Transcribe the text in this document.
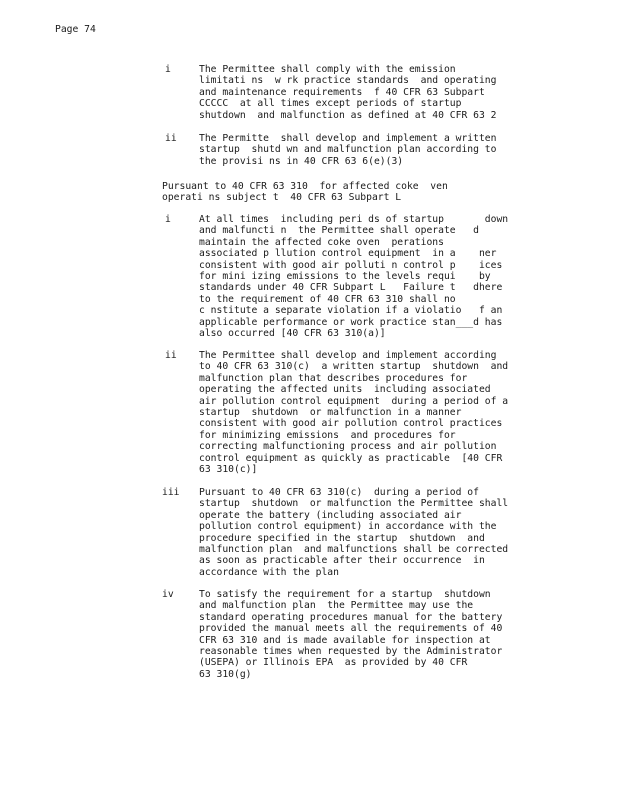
Page 74
i	The Permittee shall comply with the emission
limitati ns  w rk practice standards  and operating
and maintenance requirements  f 40 CFR 63 Subpart
CCCCC  at all times except periods of startup
shutdown  and malfunction as defined at 40 CFR 63 2
ii The Permitte  shall develop and implement a written
startup  shutd wn and malfunction plan according to
the provisi ns in 40 CFR 63 6(e)(3)
Pursuant to 40 CFR 63 310  for affected coke  ven
operati ns subject t  40 CFR 63 Subpart L
i	At all times  including peri ds of startup       down
and malfuncti n  the Permittee shall operate   d
maintain the affected coke oven  perations
associated p llution control equipment  in a    ner
consistent with good air polluti n control p    ices
for mini izing emissions to the levels requi    by
standards under 40 CFR Subpart L   Failure t   dhere
to the requirement of 40 CFR 63 310 shall no
c nstitute a separate violation if a violatio   f an
applicable performance or work practice stan___d has
also occurred [40 CFR 63 310(a)]
ii The Permittee shall develop and implement according
to 40 CFR 63 310(c)  a written startup  shutdown  and
malfunction plan that describes procedures for
operating the affected units  including associated
air pollution control equipment  during a period of a
startup  shutdown  or malfunction in a manner
consistent with good air pollution control practices
for minimizing emissions  and procedures for
correcting malfunctioning process and air pollution
control equipment as quickly as practicable  [40 CFR
63 310(c)]
iii Pursuant to 40 CFR 63 310(c)  during a period of
startup  shutdown  or malfunction the Permittee shall
operate the battery (including associated air
pollution control equipment) in accordance with the
procedure specified in the startup  shutdown  and
malfunction plan  and malfunctions shall be corrected
as soon as practicable after their occurrence  in
accordance with the plan
iv	To satisfy the requirement for a startup  shutdown
and malfunction plan  the Permittee may use the
standard operating procedures manual for the battery
provided the manual meets all the requirements of 40
CFR 63 310 and is made available for inspection at
reasonable times when requested by the Administrator
(USEPA) or Illinois EPA  as provided by 40 CFR
63 310(g)
